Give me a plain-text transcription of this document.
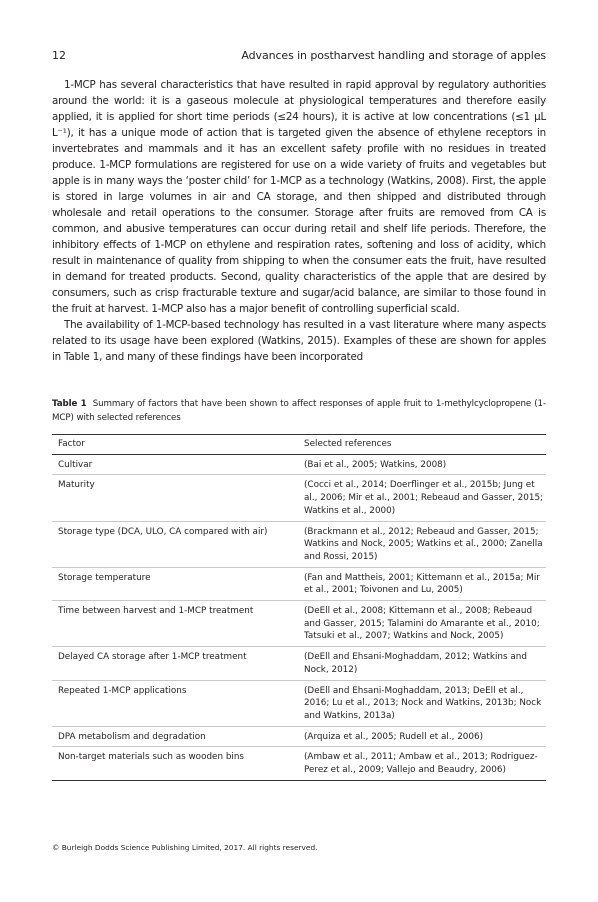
12	Advances in postharvest handling and storage of apples

1-MCP has several characteristics that have resulted in rapid approval by regulatory authorities around the world: it is a gaseous molecule at physiological temperatures and therefore easily applied, it is applied for short time periods (≤24 hours), it is active at low concentrations (≤1 μL L⁻¹), it has a unique mode of action that is targeted given the absence of ethylene receptors in invertebrates and mammals and it has an excellent safety profile with no residues in treated produce. 1-MCP formulations are registered for use on a wide variety of fruits and vegetables but apple is in many ways the ‘poster child’ for 1-MCP as a technology (Watkins, 2008). First, the apple is stored in large volumes in air and CA storage, and then shipped and distributed through wholesale and retail operations to the consumer. Storage after fruits are removed from CA is common, and abusive temperatures can occur during retail and shelf life periods. Therefore, the inhibitory effects of 1-MCP on ethylene and respiration rates, softening and loss of acidity, which result in maintenance of quality from shipping to when the consumer eats the fruit, have resulted in demand for treated products. Second, quality characteristics of the apple that are desired by consumers, such as crisp fracturable texture and sugar/acid balance, are similar to those found in the fruit at harvest. 1-MCP also has a major benefit of controlling superficial scald.

The availability of 1-MCP-based technology has resulted in a vast literature where many aspects related to its usage have been explored (Watkins, 2015). Examples of these are shown for apples in Table 1, and many of these findings have been incorporated

Table 1 Summary of factors that have been shown to affect responses of apple fruit to 1-methylcyclopropene (1-MCP) with selected references
Factor	Selected references
Cultivar	(Bai et al., 2005; Watkins, 2008)
Maturity	(Cocci et al., 2014; Doerflinger et al., 2015b; Jung et al., 2006; Mir et al., 2001; Rebeaud and Gasser, 2015; Watkins et al., 2000)
Storage type (DCA, ULO, CA compared with air)	(Brackmann et al., 2012; Rebeaud and Gasser, 2015; Watkins and Nock, 2005; Watkins et al., 2000; Zanella and Rossi, 2015)
Storage temperature	(Fan and Mattheis, 2001; Kittemann et al., 2015a; Mir et al., 2001; Toivonen and Lu, 2005)
Time between harvest and 1-MCP treatment	(DeEll et al., 2008; Kittemann et al., 2008; Rebeaud and Gasser, 2015; Talamini do Amarante et al., 2010; Tatsuki et al., 2007; Watkins and Nock, 2005)
Delayed CA storage after 1-MCP treatment	(DeEll and Ehsani-Moghaddam, 2012; Watkins and Nock, 2012)
Repeated 1-MCP applications	(DeEll and Ehsani-Moghaddam, 2013; DeEll et al., 2016; Lu et al., 2013; Nock and Watkins, 2013b; Nock and Watkins, 2013a)
DPA metabolism and degradation	(Arquiza et al., 2005; Rudell et al., 2006)
Non-target materials such as wooden bins	(Ambaw et al., 2011; Ambaw et al., 2013; Rodriguez-Perez et al., 2009; Vallejo and Beaudry, 2006)
© Burleigh Dodds Science Publishing Limited, 2017. All rights reserved.
